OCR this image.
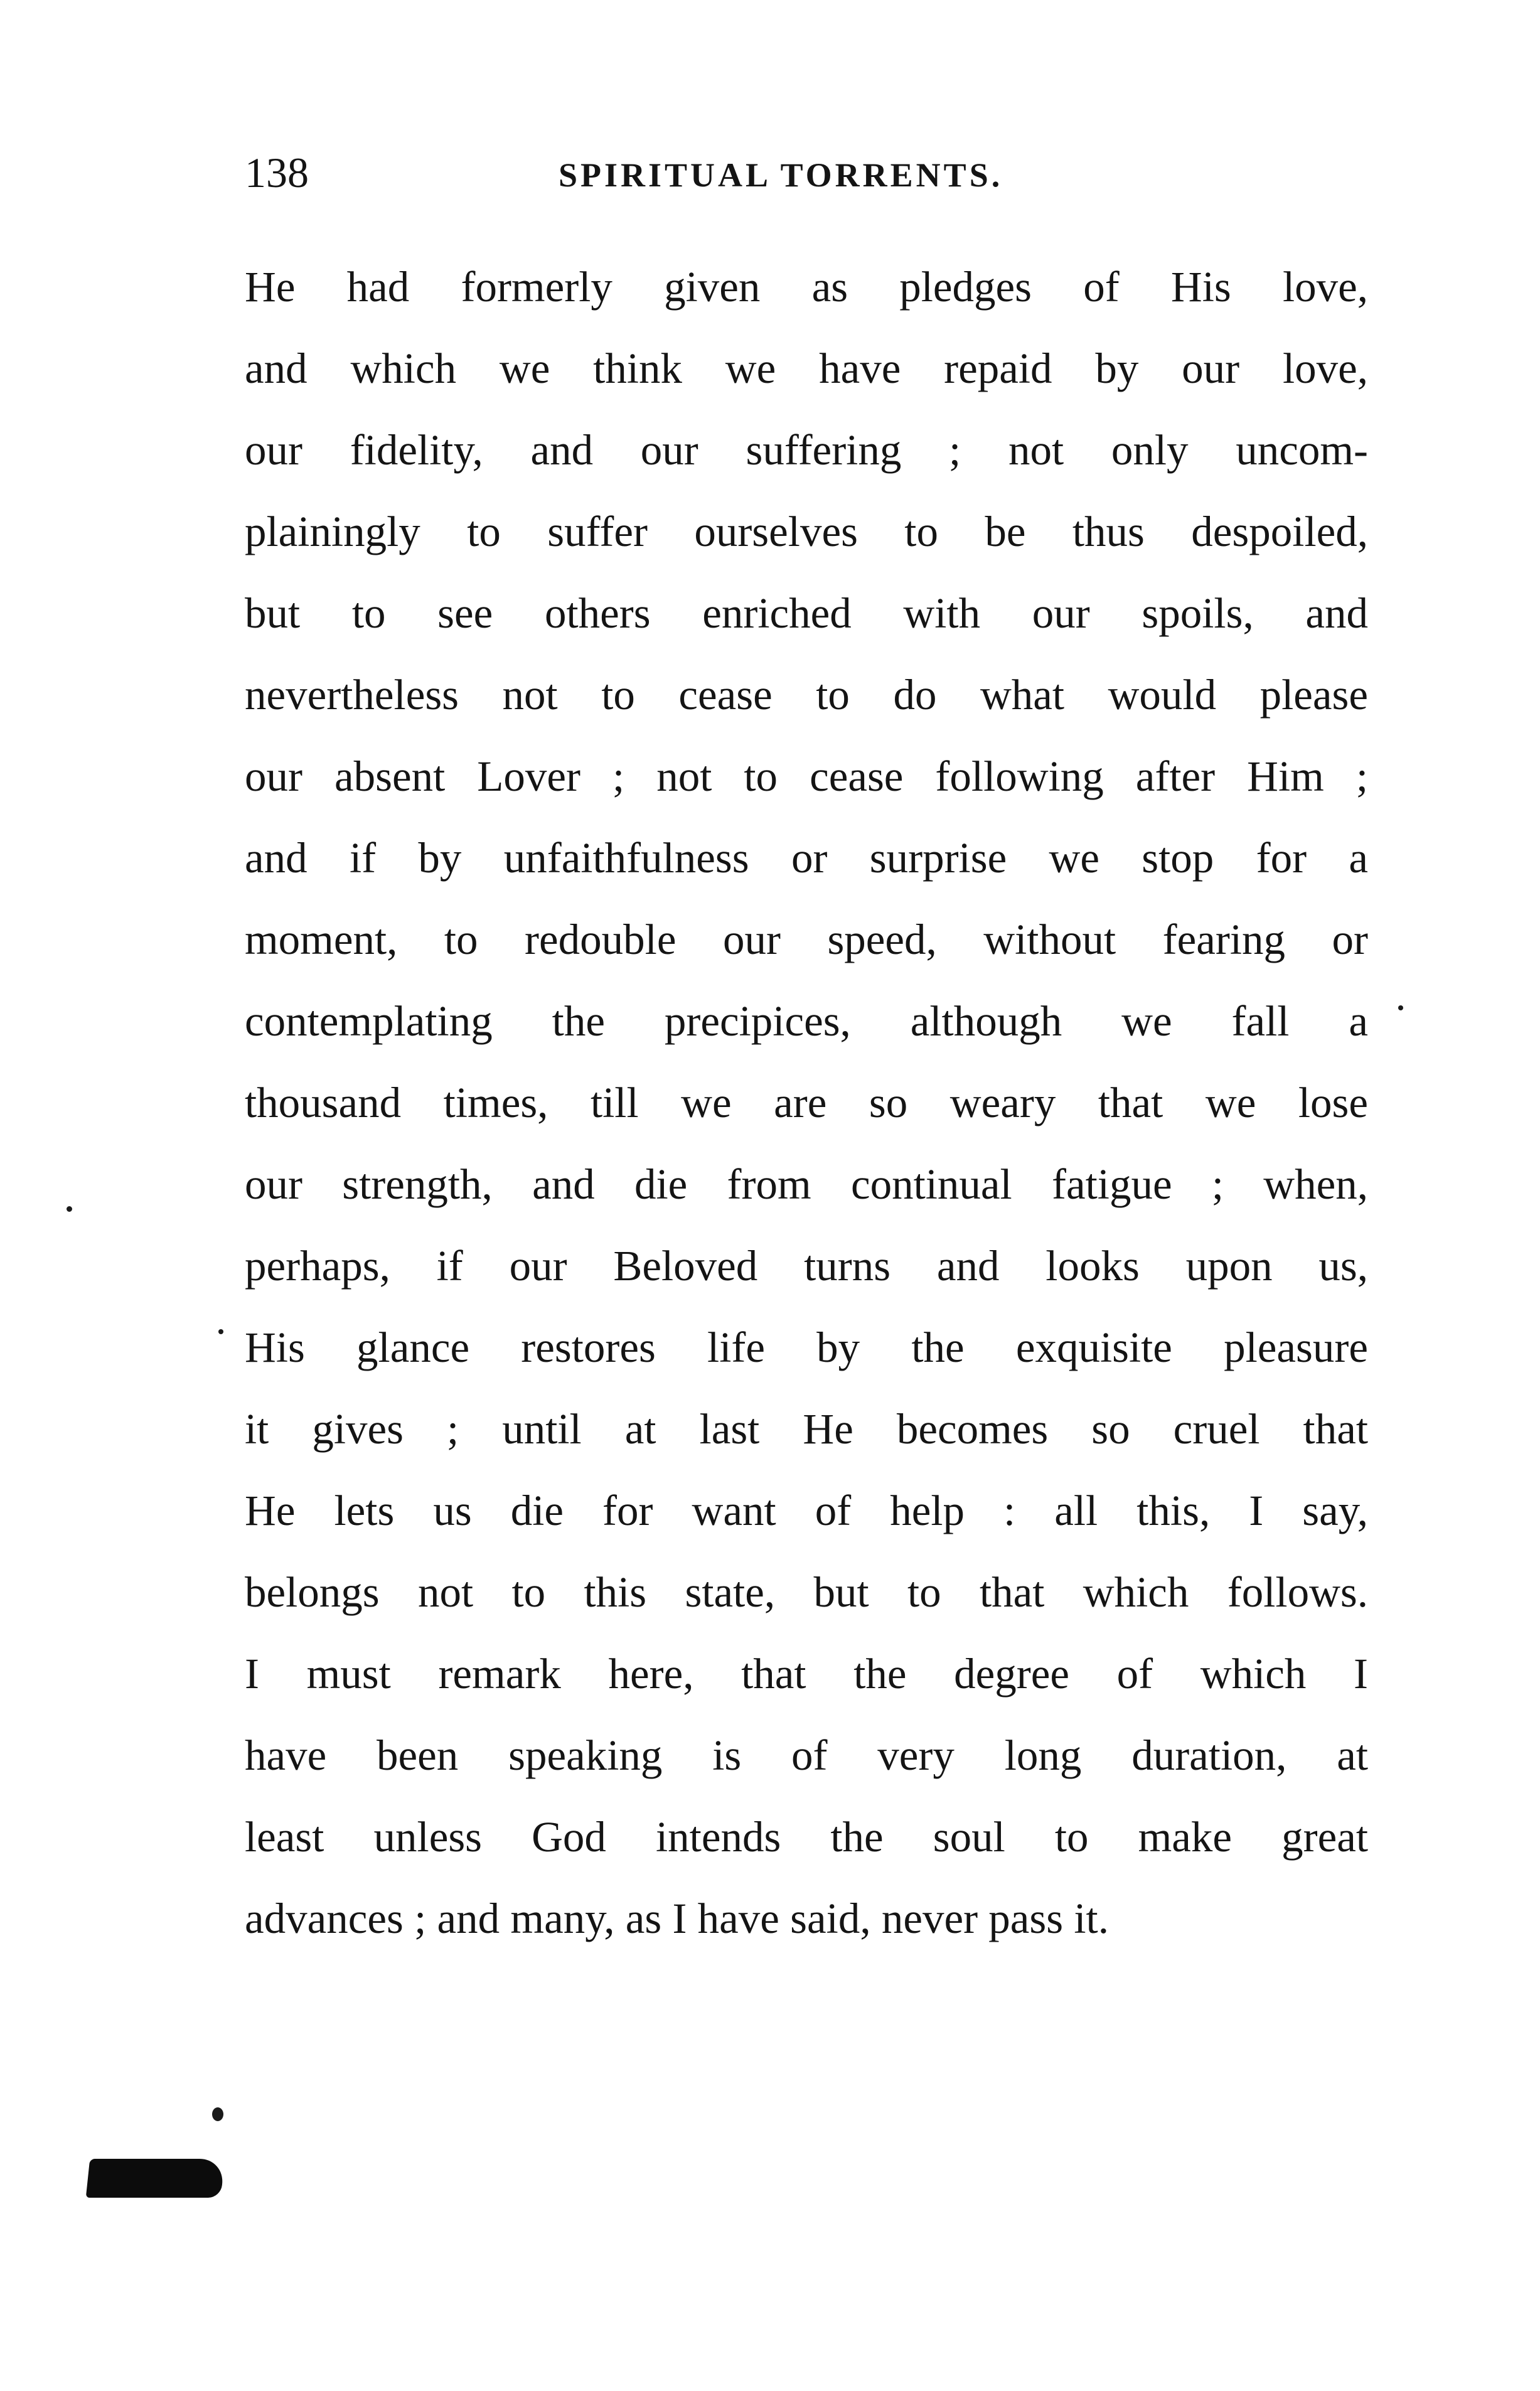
138	SPIRITUAL TORRENTS.
He had formerly given as pledges of His love,
and which we think we have repaid by our love,
our fidelity, and our suffering ; not only uncom-
plainingly to suffer ourselves to be thus despoiled,
but to see others enriched with our spoils, and
nevertheless not to cease to do what would please
our absent Lover ; not to cease following after Him ;
and if by unfaithfulness or surprise we stop for a
moment, to redouble our speed, without fearing or
contemplating the precipices, although we fall a
thousand times, till we are so weary that we lose
our strength, and die from continual fatigue ; when,
perhaps, if our Beloved turns and looks upon us,
His glance restores life by the exquisite pleasure
it gives ; until at last He becomes so cruel that
He lets us die for want of help : all this, I say,
belongs not to this state, but to that which follows.
I must remark here, that the degree of which I
have been speaking is of very long duration, at
least unless God intends the soul to make great
advances ; and many, as I have said, never pass it.
